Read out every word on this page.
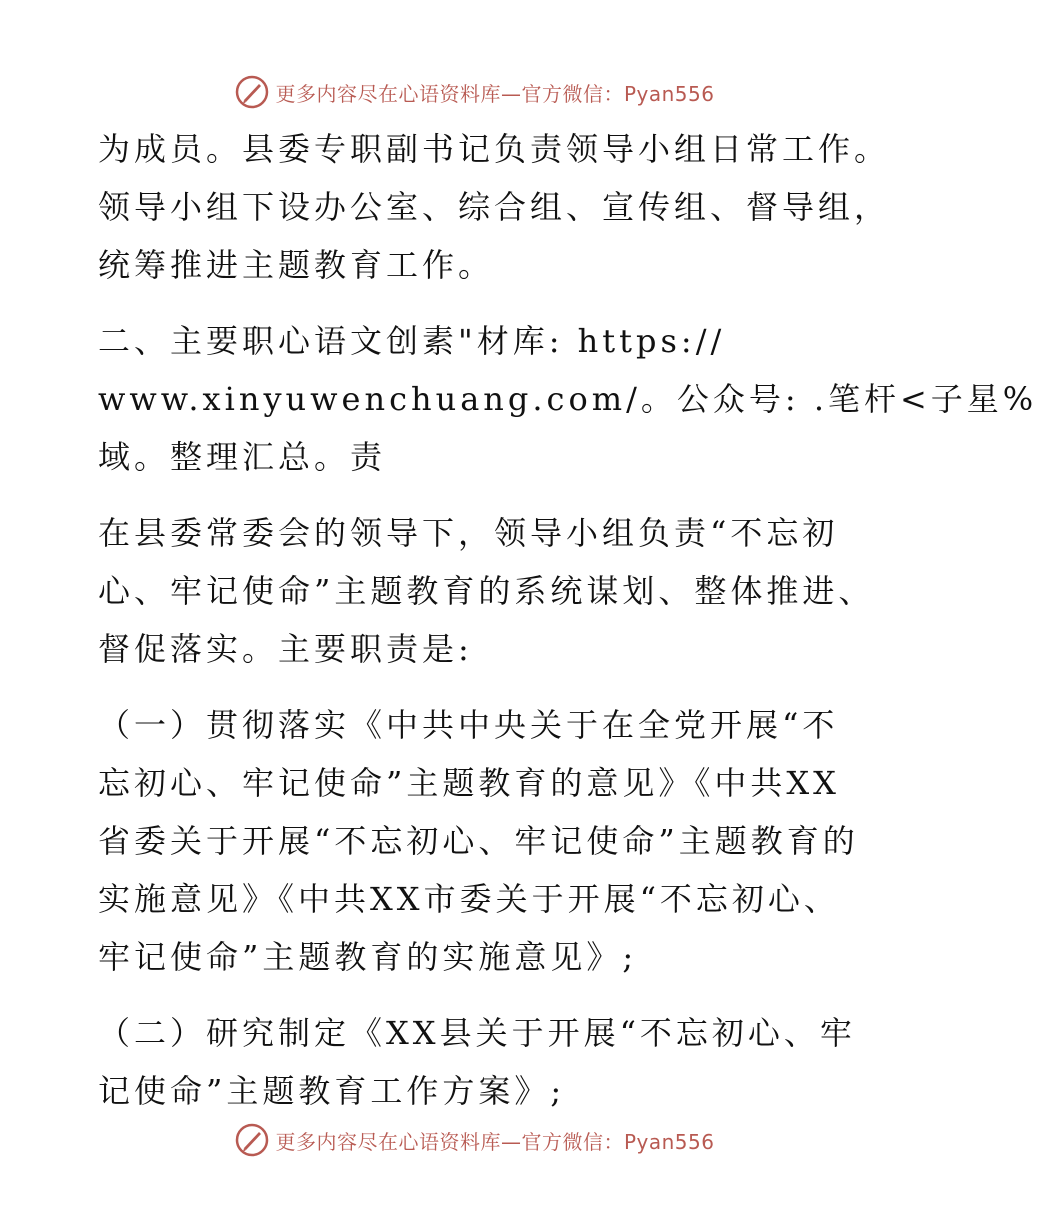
更多内容尽在心语资料库—官方微信：Pyan556
为成员。县委专职副书记负责领导小组日常工作。
领导小组下设办公室、综合组、宣传组、督导组，
统筹推进主题教育工作。
二、主要职心语文创素"材库: https://
www.xinyuwenchuang.com/。公众号: .笔杆<子星%
域。整理汇总。责
在县委常委会的领导下，领导小组负责“不忘初
心、牢记使命”主题教育的系统谋划、整体推进、
督促落实。主要职责是:
（一）贯彻落实《中共中央关于在全党开展“不
忘初心、牢记使命”主题教育的意见》《中共XX
省委关于开展“不忘初心、牢记使命”主题教育的
实施意见》《中共XX市委关于开展“不忘初心、
牢记使命”主题教育的实施意见》;
（二）研究制定《XX县关于开展“不忘初心、牢
记使命”主题教育工作方案》;
更多内容尽在心语资料库—官方微信：Pyan556
